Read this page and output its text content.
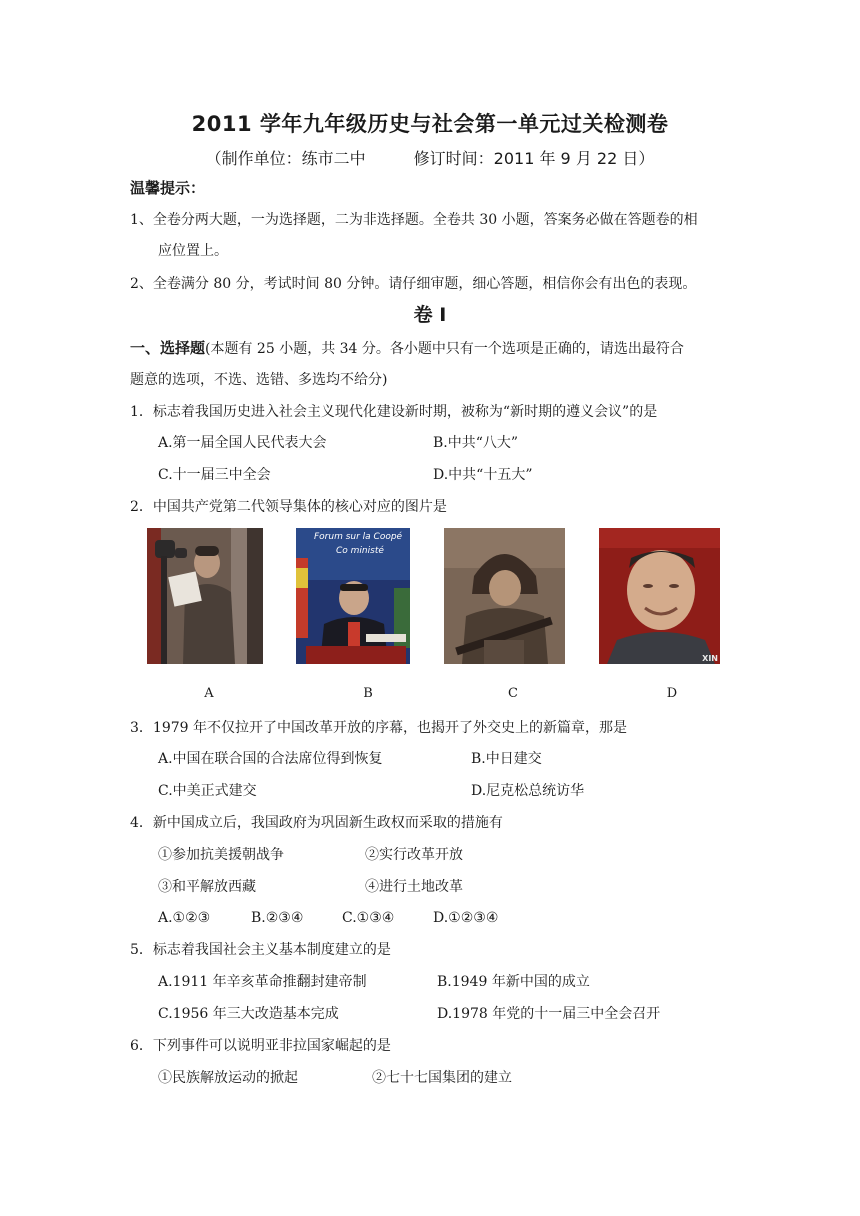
2011 学年九年级历史与社会第一单元过关检测卷
（制作单位：练市二中	修订时间：2011 年 9 月 22 日）
温馨提示：
1、全卷分两大题，一为选择题，二为非选择题。全卷共 30 小题，答案务必做在答题卷的相
应位置上。
2、全卷满分 80 分，考试时间 80 分钟。请仔细审题，细心答题，相信你会有出色的表现。
卷 Ⅰ
一、选择题(本题有 25 小题，共 34 分。各小题中只有一个选项是正确的，请选出最符合
题意的选项，不选、选错、多选均不给分)
1．标志着我国历史进入社会主义现代化建设新时期，被称为“新时期的遵义会议”的是
A.第一届全国人民代表大会	B.中共“八大”
C.十一届三中全会	D.中共“十五大”
2．中国共产党第二代领导集体的核心对应的图片是
Forum sur la Coopé
Co ministé
XIN
A	B	C	D
3．1979 年不仅拉开了中国改革开放的序幕，也揭开了外交史上的新篇章，那是
A.中国在联合国的合法席位得到恢复	B.中日建交
C.中美正式建交	D.尼克松总统访华
4．新中国成立后，我国政府为巩固新生政权而采取的措施有
①参加抗美援朝战争	②实行改革开放
③和平解放西藏	④进行土地改革
A.①②③	B.②③④	C.①③④	D.①②③④
5．标志着我国社会主义基本制度建立的是
A.1911 年辛亥革命推翻封建帝制	B.1949 年新中国的成立
C.1956 年三大改造基本完成	D.1978 年党的十一届三中全会召开
6．下列事件可以说明亚非拉国家崛起的是
①民族解放运动的掀起	②七十七国集团的建立
